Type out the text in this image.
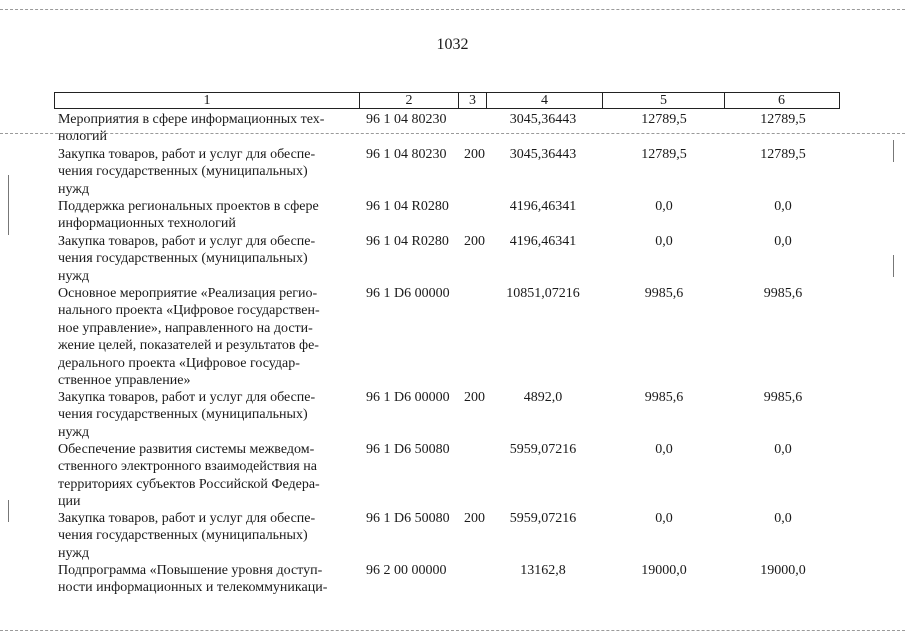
1032
1	2	3	4	5	6
Мероприятия в сфере информационных тех-
нологий
96 1 04 80230	3045,36443	12789,5	12789,5
Закупка товаров, работ и услуг для обеспе-
чения государственных (муниципальных)
нужд
96 1 04 80230 200	3045,36443	12789,5	12789,5
Поддержка региональных проектов в сфере
информационных технологий
96 1 04 R0280	4196,46341	0,0	0,0
Закупка товаров, работ и услуг для обеспе-
чения государственных (муниципальных)
нужд
96 1 04 R0280 200	4196,46341	0,0	0,0
Основное мероприятие «Реализация регио-
нального проекта «Цифровое государствен-
ное управление», направленного на дости-
жение целей, показателей и результатов фе-
дерального проекта «Цифровое государ-
ственное управление»
96 1 D6 00000	10851,07216	9985,6	9985,6
Закупка товаров, работ и услуг для обеспе-
чения государственных (муниципальных)
нужд
96 1 D6 00000 200	4892,0	9985,6	9985,6
Обеспечение развития системы межведом-
ственного электронного взаимодействия на
территориях субъектов Российской Федера-
ции
96 1 D6 50080	5959,07216	0,0	0,0
Закупка товаров, работ и услуг для обеспе-
чения государственных (муниципальных)
нужд
96 1 D6 50080 200	5959,07216	0,0	0,0
Подпрограмма «Повышение уровня доступ-
ности информационных и телекоммуникаци-
96 2 00 00000	13162,8	19000,0	19000,0
